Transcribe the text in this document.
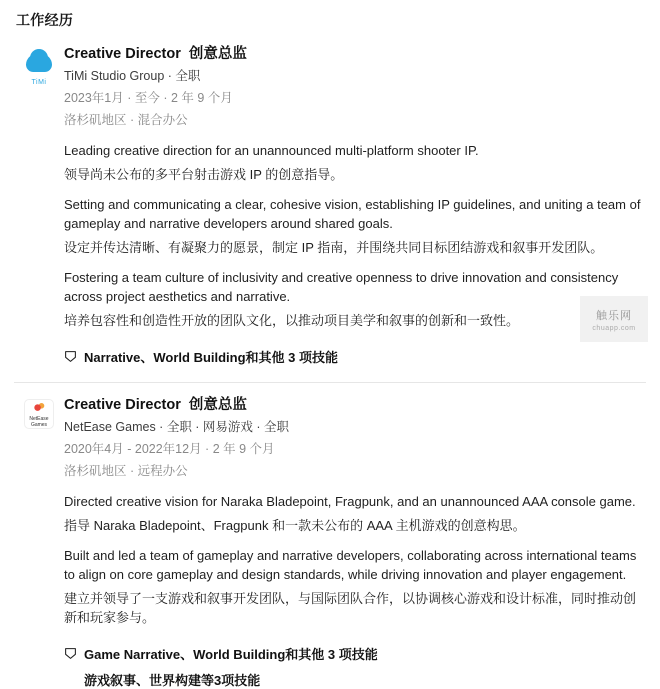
工作经历
TiMi
Creative Director 创意总监
TiMi Studio Group · 全职
2023年1月 · 至今 · 2 年 9 个月
洛杉矶地区 · 混合办公
Leading creative direction for an unannounced multi-platform shooter IP.
领导尚未公布的多平台射击游戏 IP 的创意指导。
Setting and communicating a clear, cohesive vision, establishing IP guidelines, and uniting a team of gameplay and narrative developers around shared goals.
设定并传达清晰、有凝聚力的愿景，制定 IP 指南，并围绕共同目标团结游戏和叙事开发团队。
Fostering a team culture of inclusivity and creative openness to drive innovation and consistency across project aesthetics and narrative.
培养包容性和创造性开放的团队文化，以推动项目美学和叙事的创新和一致性。
Narrative、World Building和其他 3 项技能
NetEase Games
Creative Director 创意总监
NetEase Games · 全职 · 网易游戏 · 全职
2020年4月 - 2022年12月 · 2 年 9 个月
洛杉矶地区 · 远程办公
Directed creative vision for Naraka Bladepoint, Fragpunk, and an unannounced AAA console game.
指导 Naraka Bladepoint、Fragpunk 和一款未公布的 AAA 主机游戏的创意构思。
Built and led a team of gameplay and narrative developers, collaborating across international teams to align on core gameplay and design standards, while driving innovation and player engagement.
建立并领导了一支游戏和叙事开发团队，与国际团队合作，以协调核心游戏和设计标准，同时推动创新和玩家参与。
Game Narrative、World Building和其他 3 项技能
游戏叙事、世界构建等3项技能
触乐网
chuapp.com
